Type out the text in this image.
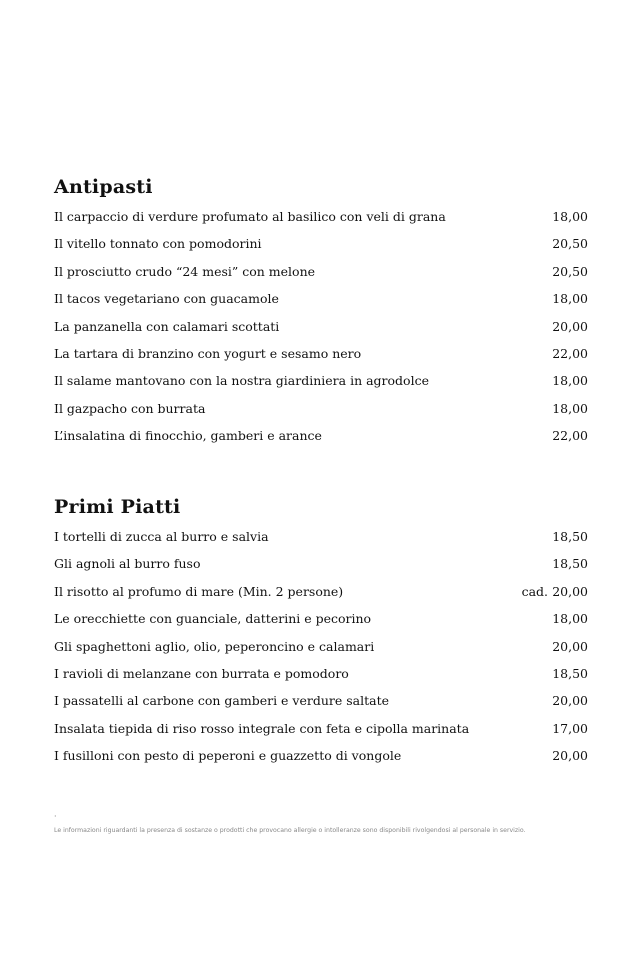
Antipasti
Il carpaccio di verdure profumato al basilico con veli di grana	18,00
Il vitello tonnato con pomodorini	20,50
Il prosciutto crudo “24 mesi” con melone	20,50
Il tacos vegetariano con guacamole	18,00
La panzanella con calamari scottati	20,00
La tartara di branzino con yogurt e sesamo nero	22,00
Il salame mantovano con la nostra giardiniera in agrodolce	18,00
Il gazpacho con burrata	18,00
L’insalatina di finocchio, gamberi e arance	22,00
Primi Piatti
I tortelli di zucca al burro e salvia	18,50
Gli agnoli al burro fuso	18,50
Il risotto al profumo di mare (Min. 2 persone)	cad. 20,00
Le orecchiette con guanciale, datterini e pecorino	18,00
Gli spaghettoni aglio, olio, peperoncino e calamari	20,00
I ravioli di melanzane con burrata e pomodoro	18,50
I passatelli al carbone con gamberi e verdure saltate	20,00
Insalata tiepida di riso rosso integrale con feta e cipolla marinata	17,00
I fusilloni con pesto di peperoni e guazzetto di vongole	20,00
·
Le informazioni riguardanti la presenza di sostanze o prodotti che provocano allergie o intolleranze sono disponibili rivolgendosi al personale in servizio.
